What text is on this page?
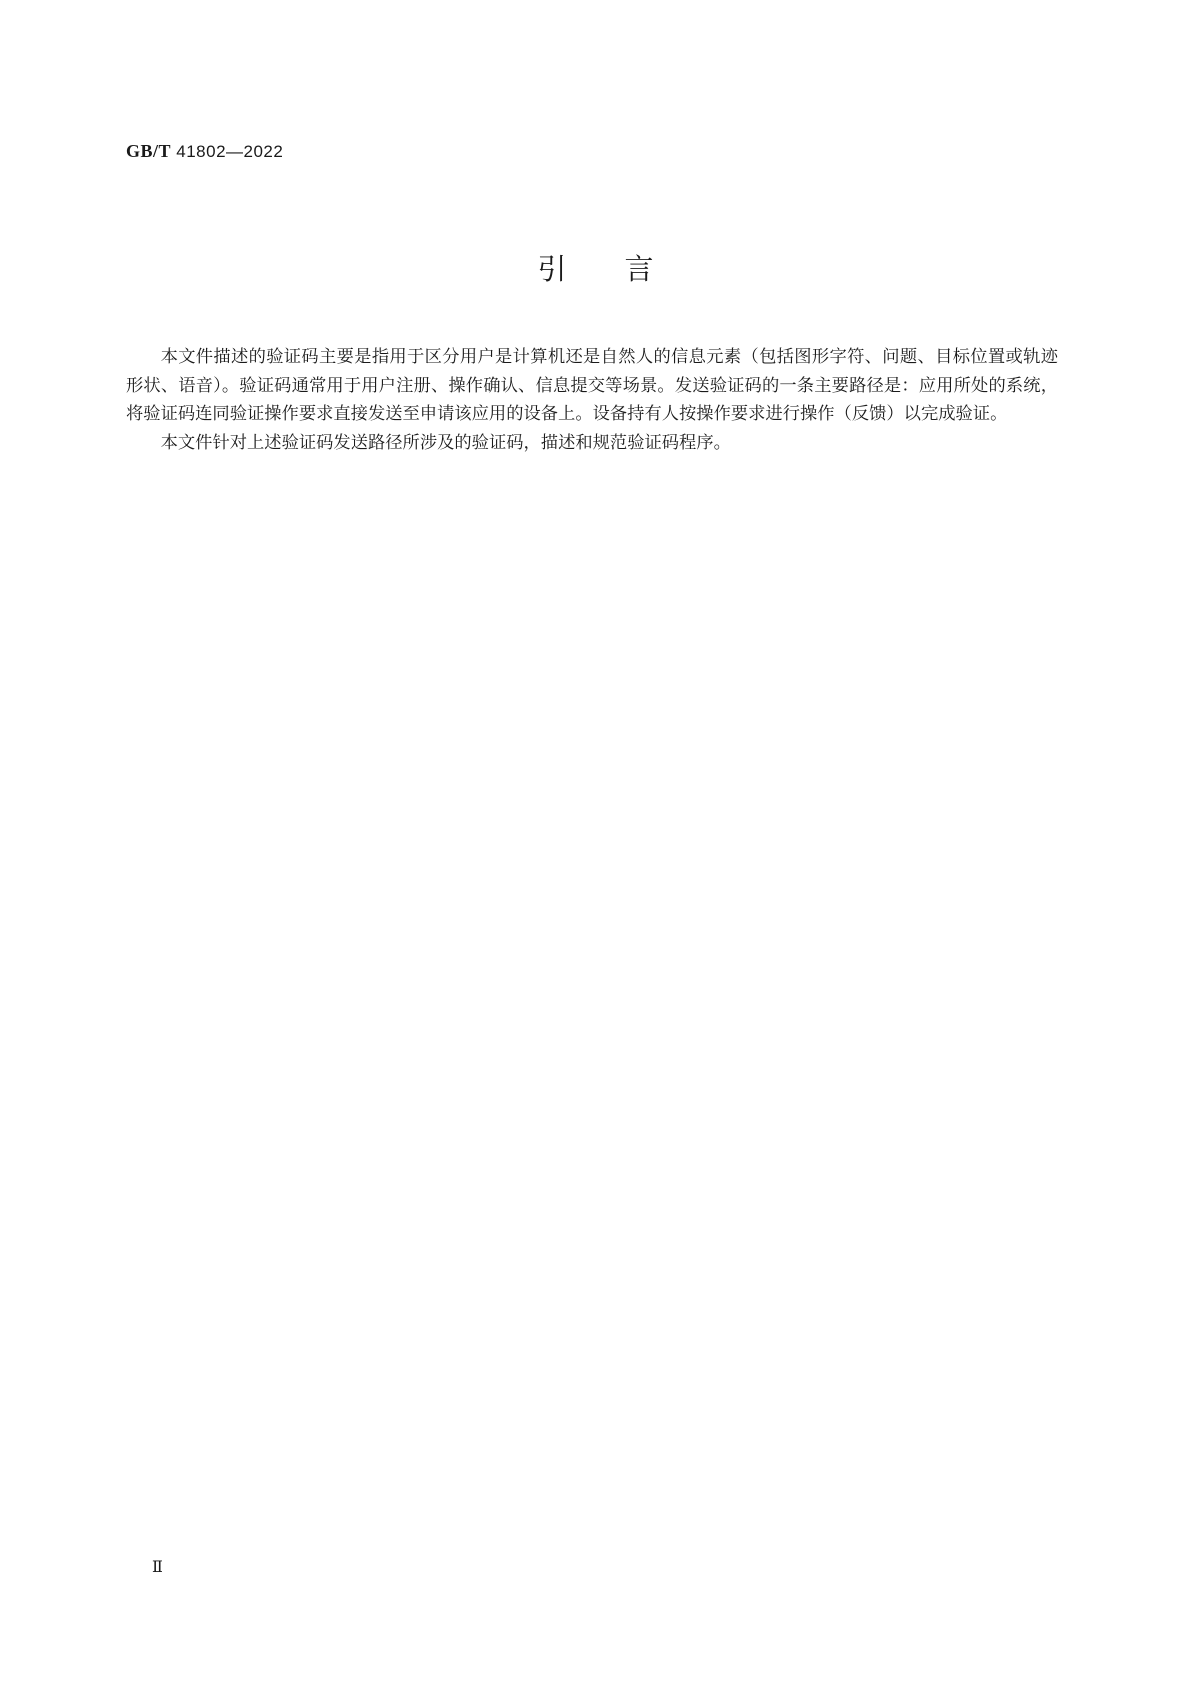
GB/T 41802—2022
引 言

本文件描述的验证码主要是指用于区分用户是计算机还是自然人的信息元素（包括图形字符、问题、目标位置或轨迹形状、语音）。验证码通常用于用户注册、操作确认、信息提交等场景。发送验证码的一条主要路径是：应用所处的系统，将验证码连同验证操作要求直接发送至申请该应用的设备上。设备持有人按操作要求进行操作（反馈）以完成验证。

本文件针对上述验证码发送路径所涉及的验证码，描述和规范验证码程序。

Ⅱ
